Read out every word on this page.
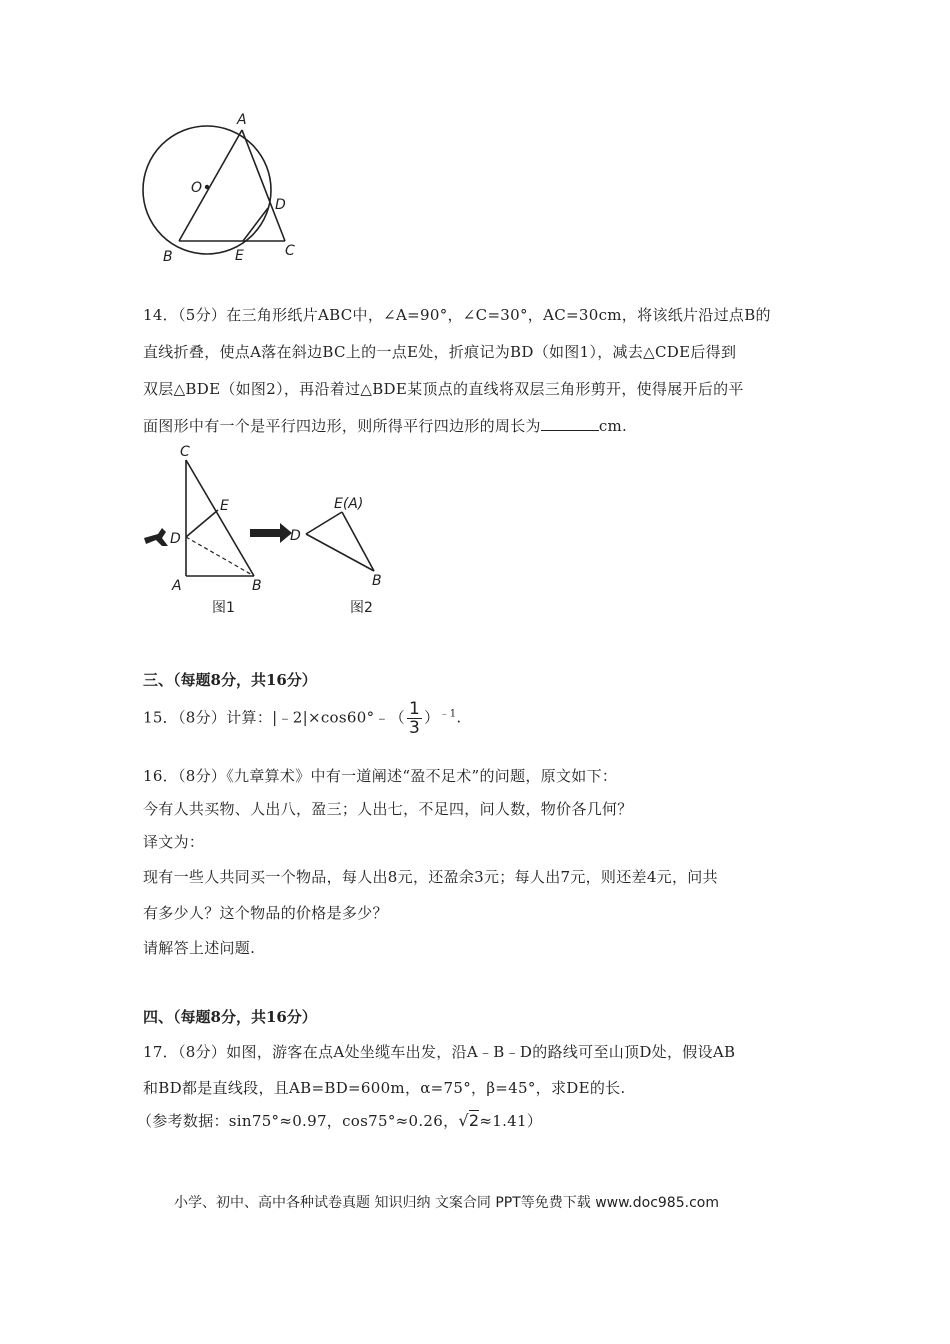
A
O
D
B	E	C
14．（5分）在三角形纸片ABC中，∠A=90°，∠C=30°，AC=30cm，将该纸片沿过点B的
直线折叠，使点A落在斜边BC上的一点E处，折痕记为BD（如图1），减去△CDE后得到
双层△BDE（如图2），再沿着过△BDE某顶点的直线将双层三角形剪开，使得展开后的平
面图形中有一个是平行四边形，则所得平行四边形的周长为	cm.
C
E
D
A	B
图1
E(A)
D
B
图2
三、（每题8分，共16分）
15．（8分）计算：|﹣2|×cos60°﹣（ $\frac{1}{3} )^{﹣1}$.
16．（8分）《九章算术》中有一道阐述“盈不足术”的问题，原文如下：
今有人共买物、人出八，盈三；人出七，不足四，问人数，物价各几何？
译文为：
现有一些人共同买一个物品，每人出8元，还盈余3元；每人出7元，则还差4元，问共
有多少人？这个物品的价格是多少？
请解答上述问题.
四、（每题8分，共16分）
17．（8分）如图，游客在点A处坐缆车出发，沿A﹣B﹣D的路线可至山顶D处，假设AB
和BD都是直线段，且AB=BD=600m，α=75°，β=45°，求DE的长.
（参考数据：sin75°≈0.97，cos75°≈0.26，√2≈1.41）
小学、初中、高中各种试卷真题 知识归纳 文案合同 PPT等免费下载 www.doc985.com
